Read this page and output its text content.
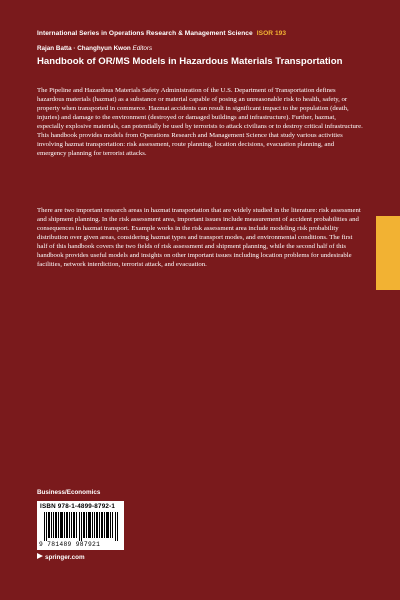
International Series in Operations Research & Management Science ISOR 193
Rajan Batta · Changhyun Kwon Editors
Handbook of OR/MS Models in Hazardous Materials Transportation

The Pipeline and Hazardous Materials Safety Administration of the U.S. Department of Transportation defines hazardous materials (hazmat) as a substance or material capable of posing an unreasonable risk to health, safety, or property when transported in commerce. Hazmat accidents can result in significant impact to the population (death, injuries) and damage to the environment (destroyed or damaged buildings and infrastructure). Further, hazmat, especially explosive materials, can potentially be used by terrorists to attack civilians or to destroy critical infrastructure. This handbook provides models from Operations Research and Management Science that study various activities involving hazmat transportation: risk assessment, route planning, location decisions, evacuation planning, and emergency planning for terrorist attacks.

There are two important research areas in hazmat transportation that are widely studied in the literature: risk assessment and shipment planning. In the risk assessment area, important issues include measurement of accident probabilities and consequences in hazmat transport. Example works in the risk assessment area include modeling risk probability distribution over given areas, considering hazmat types and transport modes, and environmental conditions. The first half of this handbook covers the two fields of risk assessment and shipment planning, while the second half of this handbook provides useful models and insights on other important issues including location problems for undesirable facilities, network interdiction, terrorist attack, and evacuation.

Business/Economics
ISBN 978-1-4899-8792-1
9 781489 987921
springer.com
